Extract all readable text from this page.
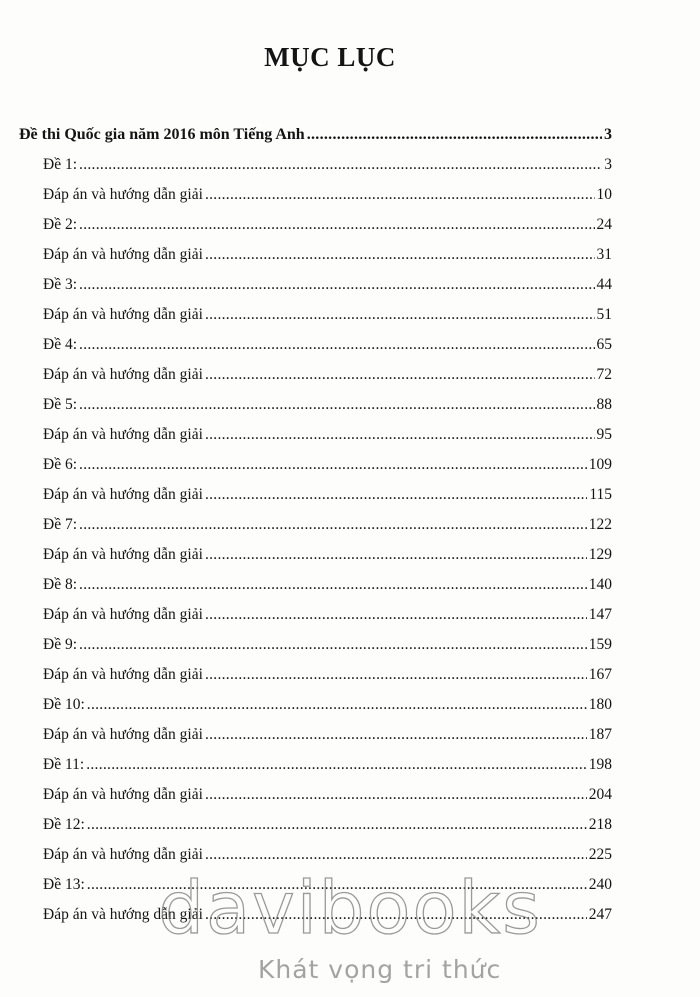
MỤC LỤC
Đề thi Quốc gia năm 2016 môn Tiếng Anh .....	3
Đề 1: .....	3
Đáp án và hướng dẫn giải .....	10
Đề 2: .....	24
Đáp án và hướng dẫn giải .....	31
Đề 3: .....	44
Đáp án và hướng dẫn giải .....	51
Đề 4: .....	65
Đáp án và hướng dẫn giải .....	72
Đề 5: .....	88
Đáp án và hướng dẫn giải .....	95
Đề 6: .....	109
Đáp án và hướng dẫn giải .....	115
Đề 7: .....	122
Đáp án và hướng dẫn giải .....	129
Đề 8: .....	140
Đáp án và hướng dẫn giải .....	147
Đề 9: .....	159
Đáp án và hướng dẫn giải .....	167
Đề 10: .....	180
Đáp án và hướng dẫn giải .....	187
Đề 11: .....	198
Đáp án và hướng dẫn giải .....	204
Đề 12: .....	218
Đáp án và hướng dẫn giải .....	225
Đề 13: .....	240
Đáp án và hướng dẫn giải .....	247
davibooks
Khát vọng tri thức
